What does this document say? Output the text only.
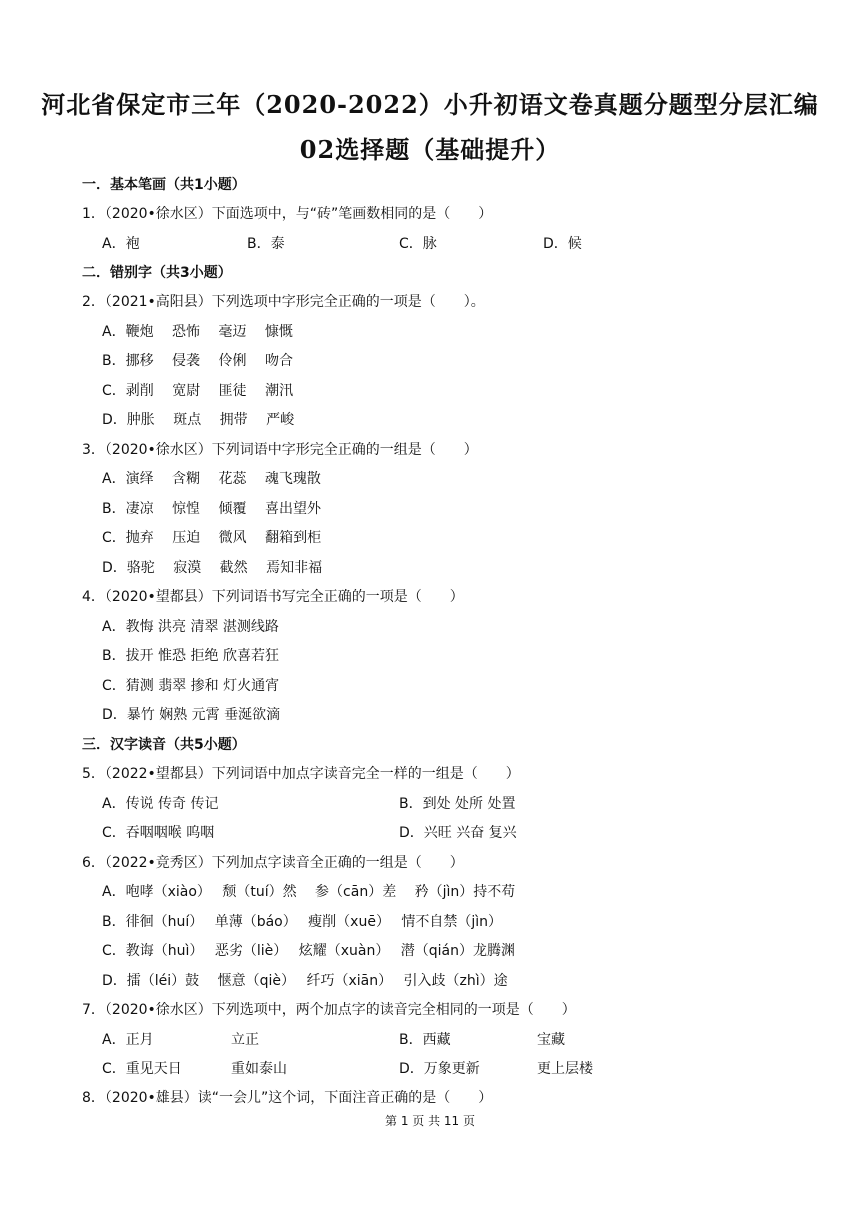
河北省保定市三年（2020-2022）小升初语文卷真题分题型分层汇编
02选择题（基础提升）
一．基本笔画（共1小题）
1．（2020•徐水区）下面选项中，与“砖”笔画数相同的是（　　）
A．袍	B．泰	C．脉	D．候
二．错别字（共3小题）
2．（2021•高阳县）下列选项中字形完全正确的一项是（　　）。
A．鞭炮　 恐怖　 毫迈　 慷慨
B．挪移　 侵袭　 伶俐　 吻合
C．剥削　 宽尉　 匪徒　 潮汛
D．肿胀　 斑点　 拥带　 严峻
3．（2020•徐水区）下列词语中字形完全正确的一组是（　　）
A．演绎　 含糊　 花蕊　 魂飞瑰散
B．凄凉　 惊惶　 倾覆　 喜出望外
C．抛弃　 压迫　 微风　 翻箱到柜
D．骆驼　 寂漠　 截然　 焉知非福
4．（2020•望都县）下列词语书写完全正确的一项是（　　）
A．教悔 洪亮 清翠 湛测线路
B．拔开 惟恐 拒绝 欣喜若狂
C．猜测 翡翠 掺和 灯火通宵
D．暴竹 娴熟 元霄 垂涎欲滴
三．汉字读音（共5小题）
5．（2022•望都县）下列词语中加点字读音完全一样的一组是（　　）
A．传说 传奇 传记	B．到处 处所 处置
C．吞咽咽喉 呜咽	D．兴旺 兴奋 复兴
6．（2022•竞秀区）下列加点字读音全正确的一组是（　　）
A．咆哮（xiào）　 颓（tuí）然　 参（cān）差　 矜（jìn）持不苟
B．徘徊（huí）　 单薄（báo）　 瘦削（xuē）　 情不自禁（jìn）
C．教诲（huì）　 恶劣（liè）　 炫耀（xuàn）　 潜（qián）龙腾渊
D．擂（léi）鼓　 惬意（qiè）　 纤巧（xiān）　 引入歧（zhì）途
7．（2020•徐水区）下列选项中，两个加点字的读音完全相同的一项是（　　）
A．正月	立正	B．西藏	宝藏
C．重见天日	重如泰山	D．万象更新	更上层楼
8．（2020•雄县）读“一会儿”这个词，下面注音正确的是（　　）
第 1 页 共 11 页
